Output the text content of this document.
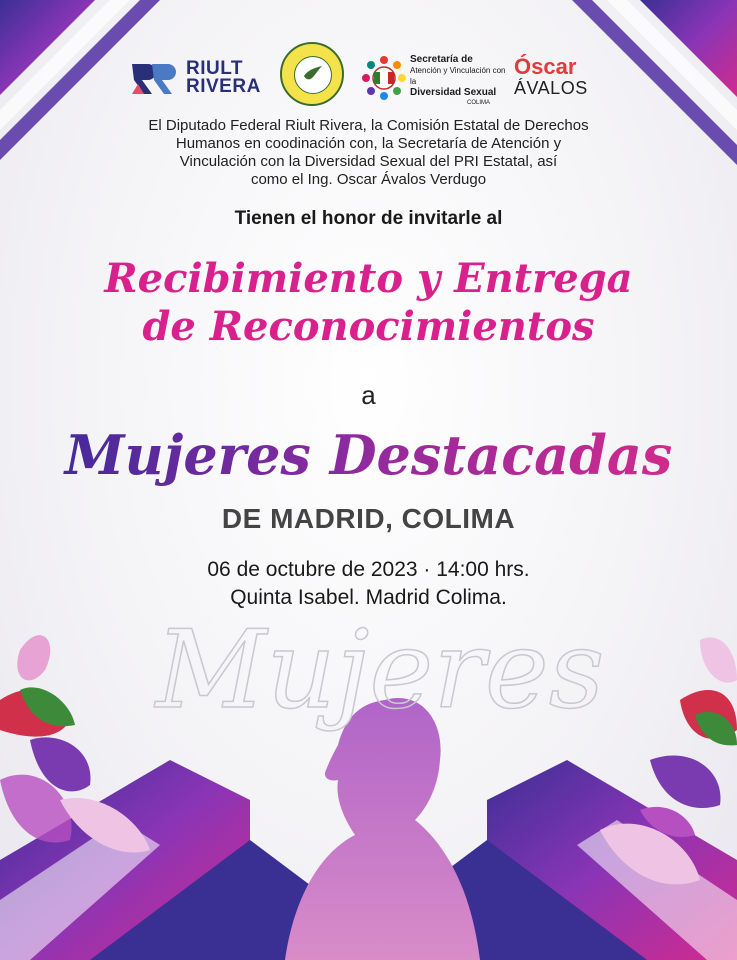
RIULT
RIVERA
Secretaría de
Atención y Vinculación con la
Diversidad Sexual
COLIMA
Óscar
ÁVALOS
El Diputado Federal Riult Rivera, la Comisión Estatal de Derechos
Humanos en coodinación con, la Secretaría de Atención y
Vinculación con la Diversidad Sexual del PRI Estatal, así
como el Ing. Oscar Ávalos Verdugo
Tienen el honor de invitarle al
Recibimiento y Entrega
de Reconocimientos
a
Mujeres
Mujeres Destacadas
DE MADRID, COLIMA
06 de octubre de 2023 · 14:00 hrs.
Quinta Isabel. Madrid Colima.
